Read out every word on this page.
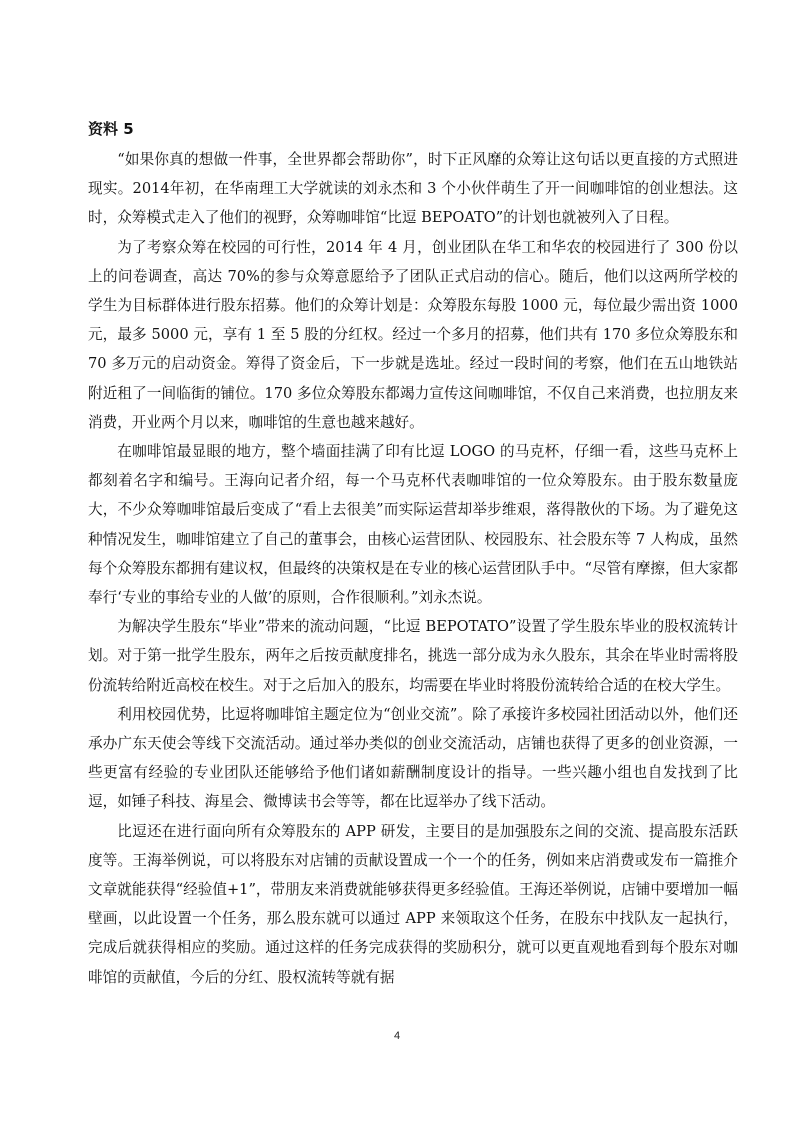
资料 5

“如果你真的想做一件事，全世界都会帮助你”，时下正风靡的众筹让这句话以更直接的方式照进现实。2014年初，在华南理工大学就读的刘永杰和 3 个小伙伴萌生了开一间咖啡馆的创业想法。这时，众筹模式走入了他们的视野，众筹咖啡馆“比逗 BEPOATO”的计划也就被列入了日程。

为了考察众筹在校园的可行性，2014 年 4 月，创业团队在华工和华农的校园进行了 300 份以上的问卷调查，高达 70%的参与众筹意愿给予了团队正式启动的信心。随后，他们以这两所学校的学生为目标群体进行股东招募。他们的众筹计划是：众筹股东每股 1000 元，每位最少需出资 1000 元，最多 5000 元，享有 1 至 5 股的分红权。经过一个多月的招募，他们共有 170 多位众筹股东和 70 多万元的启动资金。筹得了资金后，下一步就是选址。经过一段时间的考察，他们在五山地铁站附近租了一间临街的铺位。170 多位众筹股东都竭力宣传这间咖啡馆，不仅自己来消费，也拉朋友来消费，开业两个月以来，咖啡馆的生意也越来越好。

在咖啡馆最显眼的地方，整个墙面挂满了印有比逗 LOGO 的马克杯，仔细一看，这些马克杯上都刻着名字和编号。王海向记者介绍，每一个马克杯代表咖啡馆的一位众筹股东。由于股东数量庞大，不少众筹咖啡馆最后变成了“看上去很美”而实际运营却举步维艰，落得散伙的下场。为了避免这种情况发生，咖啡馆建立了自己的董事会，由核心运营团队、校园股东、社会股东等 7 人构成，虽然每个众筹股东都拥有建议权，但最终的决策权是在专业的核心运营团队手中。“尽管有摩擦，但大家都奉行‘专业的事给专业的人做’的原则，合作很顺利。”刘永杰说。

为解决学生股东“毕业”带来的流动问题，“比逗 BEPOTATO”设置了学生股东毕业的股权流转计划。对于第一批学生股东，两年之后按贡献度排名，挑选一部分成为永久股东，其余在毕业时需将股份流转给附近高校在校生。对于之后加入的股东，均需要在毕业时将股份流转给合适的在校大学生。

利用校园优势，比逗将咖啡馆主题定位为“创业交流”。除了承接许多校园社团活动以外，他们还承办广东天使会等线下交流活动。通过举办类似的创业交流活动，店铺也获得了更多的创业资源，一些更富有经验的专业团队还能够给予他们诸如薪酬制度设计的指导。一些兴趣小组也自发找到了比逗，如锤子科技、海星会、微博读书会等等，都在比逗举办了线下活动。

比逗还在进行面向所有众筹股东的 APP 研发，主要目的是加强股东之间的交流、提高股东活跃度等。王海举例说，可以将股东对店铺的贡献设置成一个一个的任务，例如来店消费或发布一篇推介文章就能获得“经验值+1”，带朋友来消费就能够获得更多经验值。王海还举例说，店铺中要增加一幅壁画，以此设置一个任务，那么股东就可以通过 APP 来领取这个任务，在股东中找队友一起执行，完成后就获得相应的奖励。通过这样的任务完成获得的奖励积分，就可以更直观地看到每个股东对咖啡馆的贡献值，今后的分红、股权流转等就有据

4
